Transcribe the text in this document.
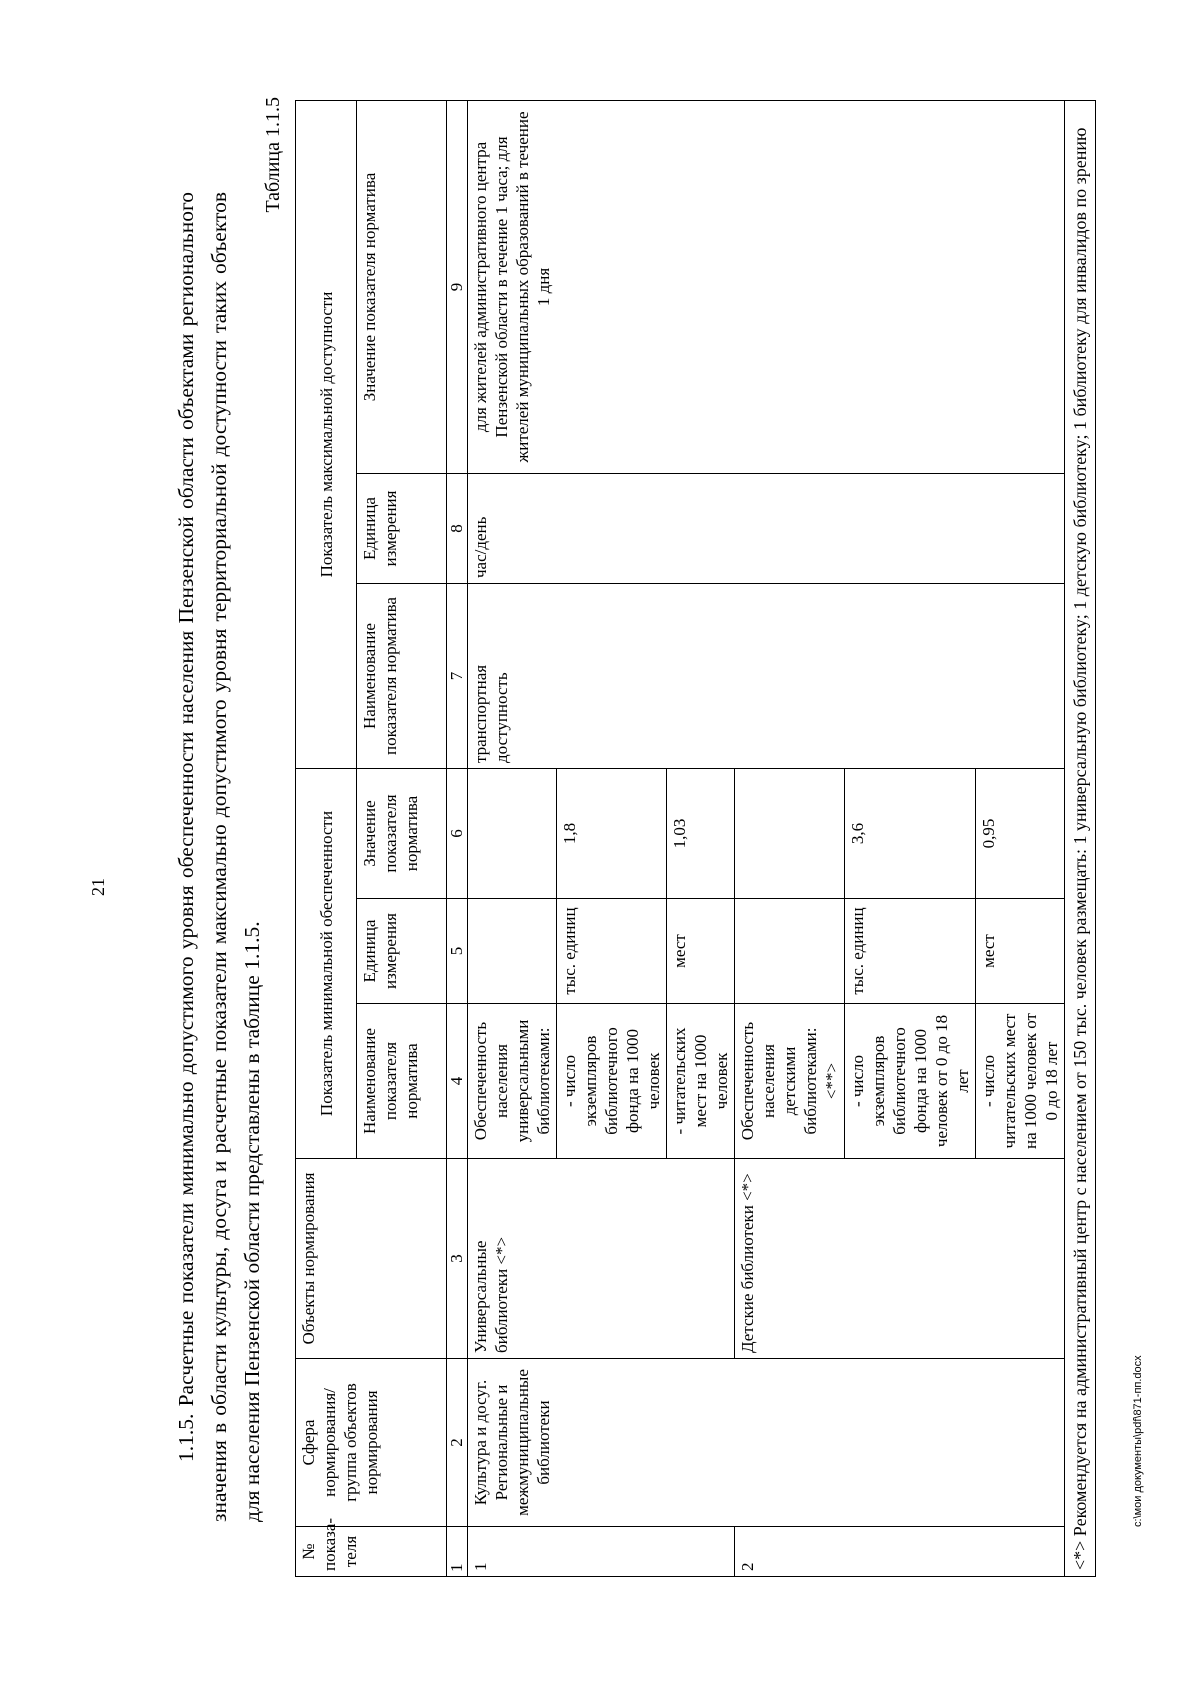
21	1.1.5. Расчетные показатели минимально допустимого уровня обеспеченности населения Пензенской области объектами регионального значения в области культуры, досуга и расчетные показатели максимально допустимого уровня территориальной доступности таких объектов для населения Пензенской области представлены в таблице 1.1.5.
Таблица 1.1.5
№ показа-теля	Сфера нормирования/ группа объектов нормирования	Объекты нормирования	Показатель минимальной обеспеченности			Показатель максимальной доступности		
			Наименование показателя норматива	Единица измерения	Значение показателя норматива	Наименование показателя норматива	Единица измерения	Значение показателя норматива
1	2	3	4	5	6	7	8	9
1	Культура и досуг. Региональные и межмуниципальные библиотеки	Универсальные библиотеки <*>	Обеспеченность населения универсальными библиотеками:			транспортная доступность	час/день	для жителей административного центра Пензенской области в течение 1 часа; для жителей муниципальных образований в течение 1 дня
			- число экземпляров библиотечного фонда на 1000 человек	тыс. единиц	1,8			
			- читательских мест на 1000 человек	мест	1,03			
2		Детские библиотеки <*>	Обеспеченность населения детскими библиотеками: <**>					
			- число экземпляров библиотечного фонда на 1000 человек от 0 до 18 лет	тыс. единиц	3,6			
			- число читательских мест на 1000 человек от 0 до 18 лет	мест	0,95			
<*> Рекомендуется на административный центр с населением от 150 тыс. человек размещать: 1 универсальную библиотеку; 1 детскую библиотеку; 1 библиотеку для инвалидов по зрению									c:\мои документы\pdf\871-пп.docx
